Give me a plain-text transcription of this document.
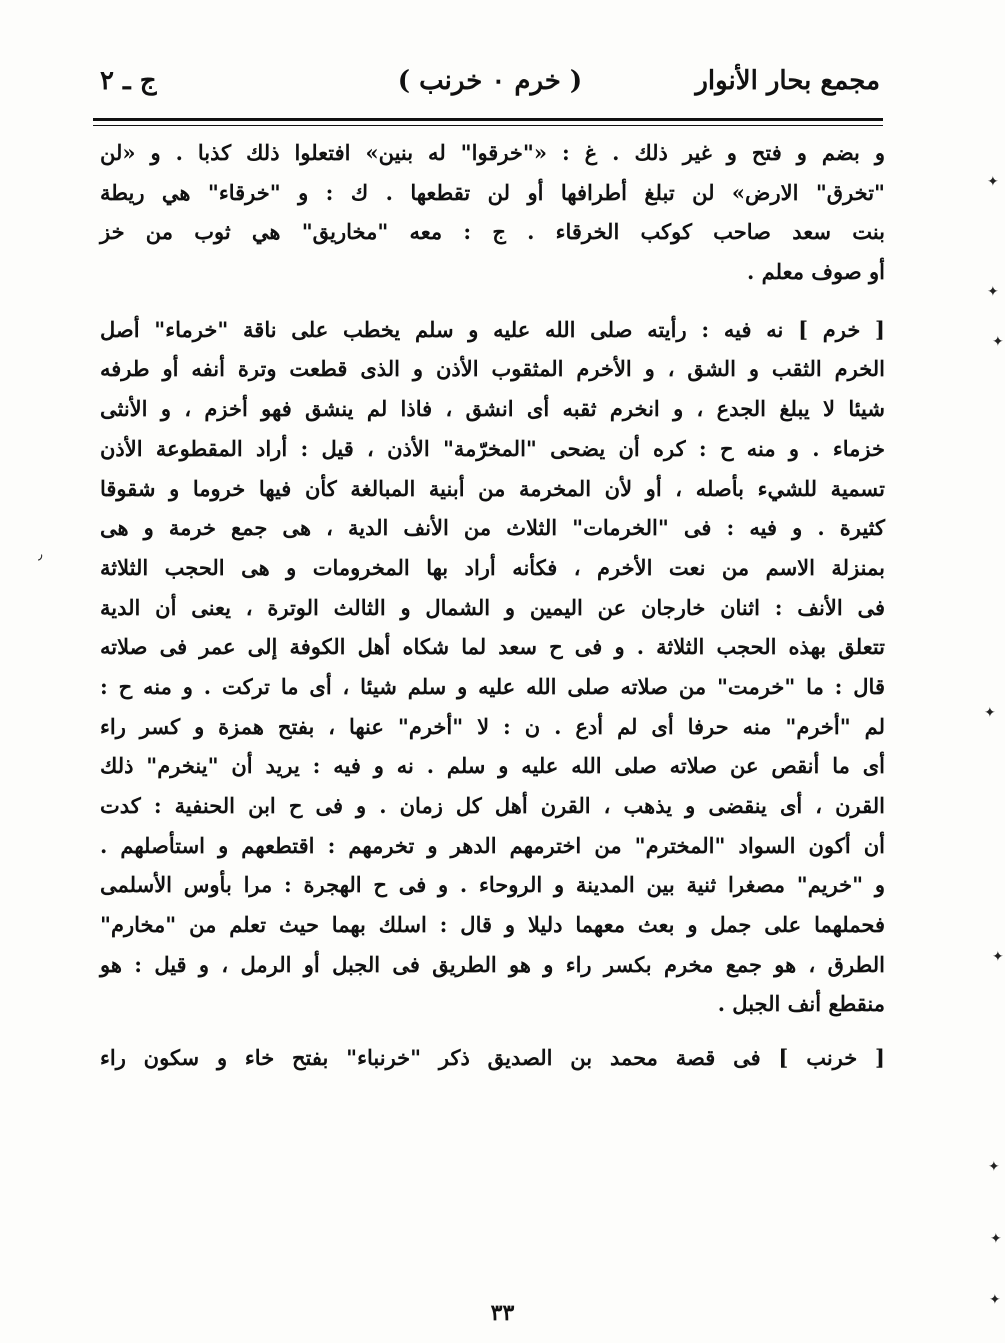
مجمع بحار الأنوار
( خرم ۰ خرنب )
ج ـ ٢
و بضم و فتح و غير ذلك . غ : «"خرقوا" له بنين» افتعلوا ذلك كذبا . و «لن
"تخرق" الارض» لن تبلغ أطرافها أو لن تقطعها . ك : و "خرقاء" هي ريطة
بنت سعد صاحب كوكب الخرقاء . ج : معه "مخاريق" هي ثوب من خز
أو صوف معلم .
[ خرم ] نه فيه : رأيته صلى الله عليه و سلم يخطب على ناقة "خرماء" أصل
الخرم الثقب و الشق ، و الأخرم المثقوب الأذن و الذى قطعت وترة أنفه أو طرفه
شيئا لا يبلغ الجدع ، و انخرم ثقبه أى انشق ، فاذا لم ينشق فهو أخزم ، و الأنثى
خزماء . و منه ح : كره أن يضحى "المخرّمة" الأذن ، قيل : أراد المقطوعة الأذن
تسمية للشيء بأصله ، أو لأن المخرمة من أبنية المبالغة كأن فيها خروما و شقوقا
كثيرة . و فيه : فى "الخرمات" الثلاث من الأنف الدية ، هى جمع خرمة و هى
بمنزلة الاسم من نعت الأخرم ، فكأنه أراد بها المخرومات و هى الحجب الثلاثة
فى الأنف : اثنان خارجان عن اليمين و الشمال و الثالث الوترة ، يعنى أن الدية
تتعلق بهذه الحجب الثلاثة . و فى ح سعد لما شكاه أهل الكوفة إلى عمر فى صلاته
قال : ما "خرمت" من صلاته صلى الله عليه و سلم شيئا ، أى ما تركت . و منه ح :
لم "أخرم" منه حرفا أى لم أدع . ن : لا "أخرم" عنها ، بفتح همزة و كسر راء
أى ما أنقص عن صلاته صلى الله عليه و سلم . نه و فيه : يريد أن "ينخرم" ذلك
القرن ، أى ينقضى و يذهب ، القرن أهل كل زمان . و فى ح ابن الحنفية : كدت
أن أكون السواد "المخترم" من اخترمهم الدهر و تخرمهم : اقتطعهم و استأصلهم .
و "خريم" مصغرا ثنية بين المدينة و الروحاء . و فى ح الهجرة : مرا بأوس الأسلمى
فحملهما على جمل و بعث معهما دليلا و قال : اسلك بهما حيث تعلم من "مخارم"
الطرق ، هو جمع مخرم بكسر راء و هو الطريق فى الجبل أو الرمل ، و قيل : هو
منقطع أنف الجبل .
[ خرنب ] فى قصة محمد بن الصديق ذكر "خرنباء" بفتح خاء و سكون راء
٣٣
✦
✦
✦
✦
✦
✦
✦
✦
٫
